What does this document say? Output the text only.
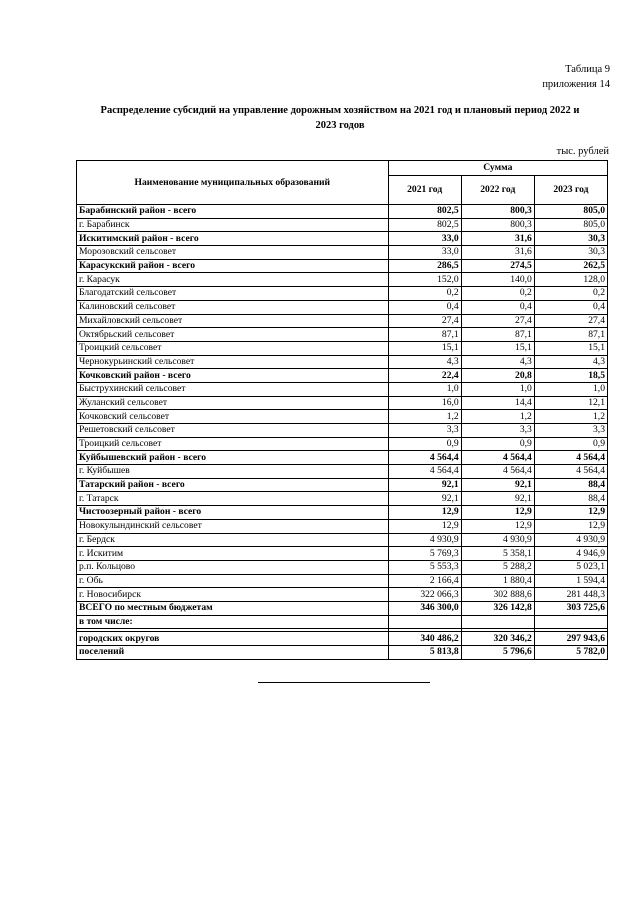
Таблица 9
приложения 14
Распределение субсидий на управление дорожным хозяйством на 2021 год и плановый период 2022 и
2023 годов
тыс. рублей
Наименование муниципальных образований	Сумма		
	2021 год	2022 год	2023 год
Барабинский район - всего	802,5	800,3	805,0
г. Барабинск	802,5	800,3	805,0
Искитимский район - всего	33,0	31,6	30,3
Морозовский сельсовет	33,0	31,6	30,3
Карасукский район - всего	286,5	274,5	262,5
г. Карасук	152,0	140,0	128,0
Благодатский сельсовет	0,2	0,2	0,2
Калиновский сельсовет	0,4	0,4	0,4
Михайловский сельсовет	27,4	27,4	27,4
Октябрьский сельсовет	87,1	87,1	87,1
Троицкий сельсовет	15,1	15,1	15,1
Чернокурьинский сельсовет	4,3	4,3	4,3
Кочковский район - всего	22,4	20,8	18,5
Быструхинский сельсовет	1,0	1,0	1,0
Жуланский сельсовет	16,0	14,4	12,1
Кочковский сельсовет	1,2	1,2	1,2
Решетовский сельсовет	3,3	3,3	3,3
Троицкий сельсовет	0,9	0,9	0,9
Куйбышевский район - всего	4 564,4	4 564,4	4 564,4
г. Куйбышев	4 564,4	4 564,4	4 564,4
Татарский район - всего	92,1	92,1	88,4
г. Татарск	92,1	92,1	88,4
Чистоозерный район - всего	12,9	12,9	12,9
Новокулындинский сельсовет	12,9	12,9	12,9
г. Бердск	4 930,9	4 930,9	4 930,9
г. Искитим	5 769,3	5 358,1	4 946,9
р.п. Кольцово	5 553,3	5 288,2	5 023,1
г. Обь	2 166,4	1 880,4	1 594,4
г. Новосибирск	322 066,3	302 888,6	281 448,3
ВСЕГО по местным бюджетам	346 300,0	326 142,8	303 725,6
в том числе:			

городских округов	340 486,2	320 346,2	297 943,6
поселений	5 813,8	5 796,6	5 782,0
